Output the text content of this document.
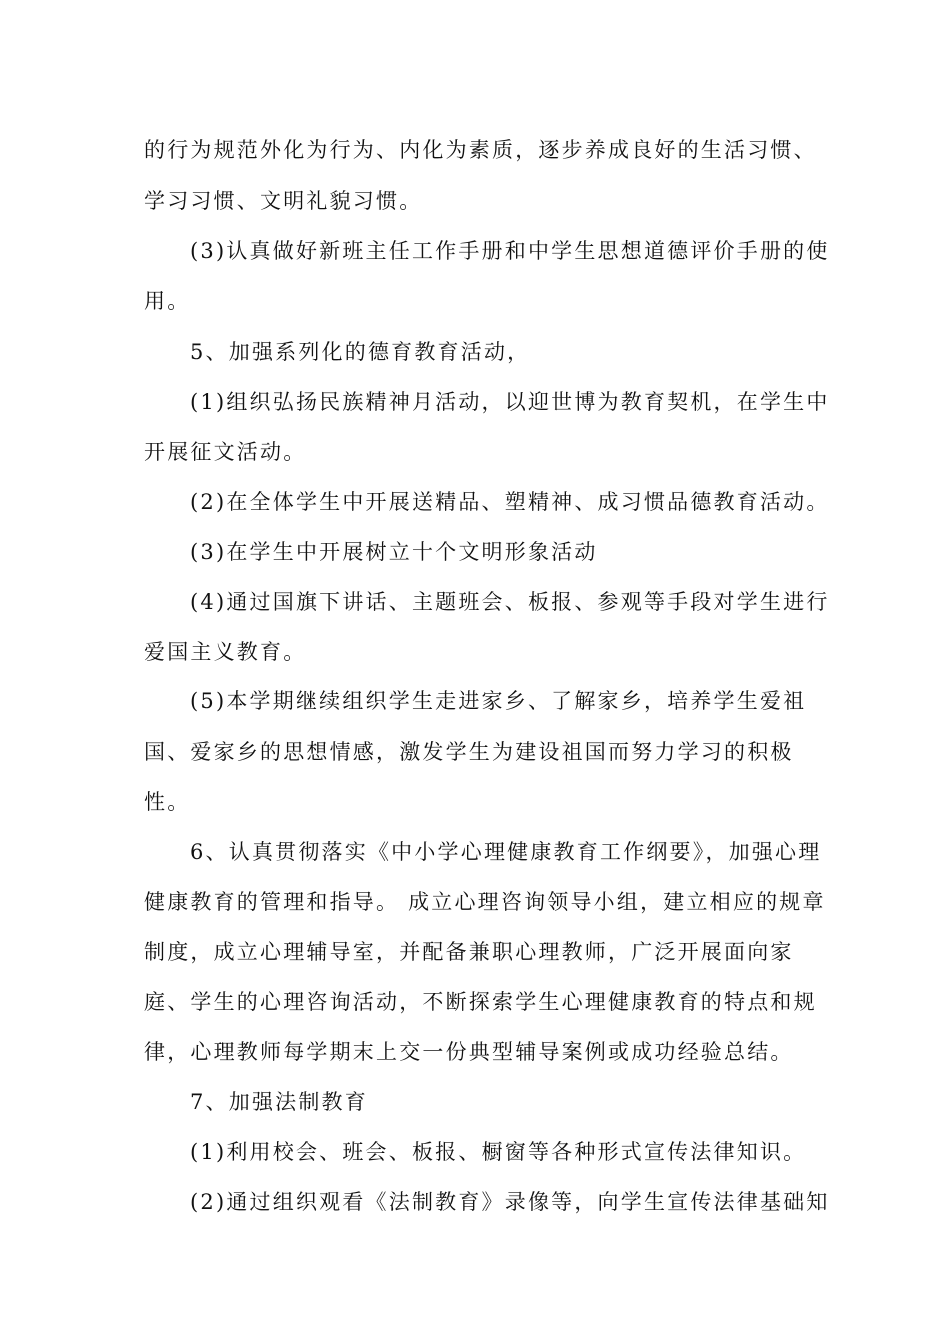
的行为规范外化为行为、内化为素质，逐步养成良好的生活习惯、
学习习惯、文明礼貌习惯。
(3)认真做好新班主任工作手册和中学生思想道德评价手册的使
用。
5、加强系列化的德育教育活动，
(1)组织弘扬民族精神月活动，以迎世博为教育契机，在学生中
开展征文活动。
(2)在全体学生中开展送精品、塑精神、成习惯品德教育活动。
(3)在学生中开展树立十个文明形象活动
(4)通过国旗下讲话、主题班会、板报、参观等手段对学生进行
爱国主义教育。
(5)本学期继续组织学生走进家乡、了解家乡，培养学生爱祖
国、爱家乡的思想情感，激发学生为建设祖国而努力学习的积极
性。
6、认真贯彻落实《中小学心理健康教育工作纲要》，加强心理
健康教育的管理和指导。 成立心理咨询领导小组，建立相应的规章
制度，成立心理辅导室，并配备兼职心理教师，广泛开展面向家
庭、学生的心理咨询活动，不断探索学生心理健康教育的特点和规
律，心理教师每学期末上交一份典型辅导案例或成功经验总结。
7、加强法制教育
(1)利用校会、班会、板报、橱窗等各种形式宣传法律知识。
(2)通过组织观看《法制教育》录像等，向学生宣传法律基础知
